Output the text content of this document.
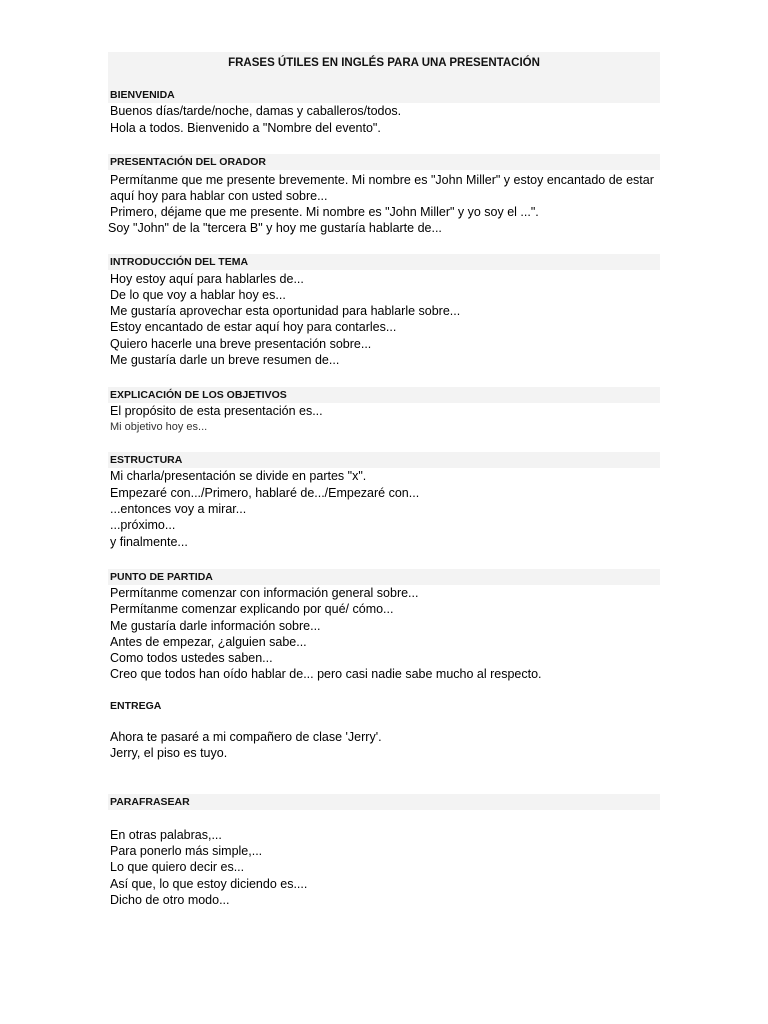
FRASES ÚTILES EN INGLÉS PARA UNA PRESENTACIÓN
BIENVENIDA
Buenos días/tarde/noche, damas y caballeros/todos.
Hola a todos. Bienvenido a "Nombre del evento".
PRESENTACIÓN DEL ORADOR
Permítanme que me presente brevemente. Mi nombre es "John Miller" y estoy encantado de estar aquí hoy para hablar con usted sobre...
Primero, déjame que me presente. Mi nombre es "John Miller" y yo soy el ...".
Soy "John" de la "tercera B" y hoy me gustaría hablarte de...
INTRODUCCIÓN DEL TEMA
Hoy estoy aquí para hablarles de...
De lo que voy a hablar hoy es...
Me gustaría aprovechar esta oportunidad para hablarle sobre...
Estoy encantado de estar aquí hoy para contarles...
Quiero hacerle una breve presentación sobre...
Me gustaría darle un breve resumen de...
EXPLICACIÓN DE LOS OBJETIVOS
El propósito de esta presentación es...
Mi objetivo hoy es...
ESTRUCTURA
Mi charla/presentación se divide en partes "x".
Empezaré con.../Primero, hablaré de.../Empezaré con...
...entonces voy a mirar...
...próximo...
y finalmente...
PUNTO DE PARTIDA
Permítanme comenzar con información general sobre...
Permítanme comenzar explicando por qué/ cómo...
Me gustaría darle información sobre...
Antes de empezar, ¿alguien sabe...
Como todos ustedes saben...
Creo que todos han oído hablar de... pero casi nadie sabe mucho al respecto.
ENTREGA
Ahora te pasaré a mi compañero de clase 'Jerry'.
Jerry, el piso es tuyo.
PARAFRASEAR
En otras palabras,...
Para ponerlo más simple,...
Lo que quiero decir es...
Así que, lo que estoy diciendo es....
Dicho de otro modo...
